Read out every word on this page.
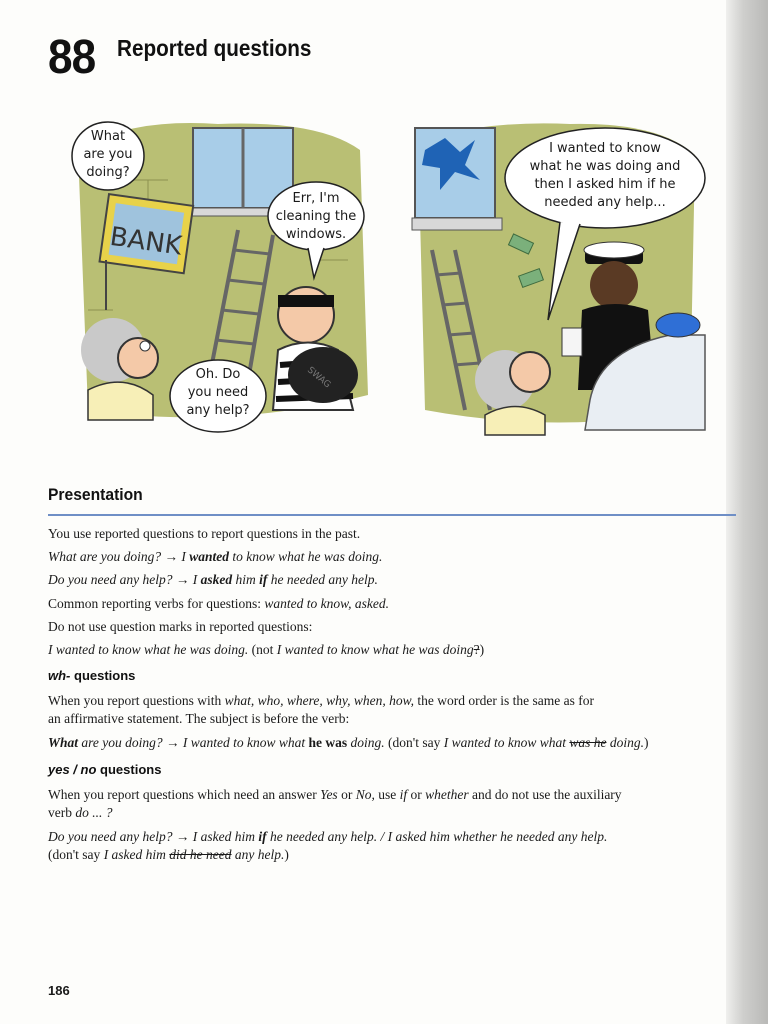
88 Reported questions
BANK
SWAG
What
are you
doing?
Err, I'm
cleaning the
windows.
Oh. Do
you need
any help?
I wanted to know
what he was doing and
then I asked him if he
needed any help...
Presentation
You use reported questions to report questions in the past.
What are you doing? → I wanted to know what he was doing.
Do you need any help? → I asked him if he needed any help.
Common reporting verbs for questions: wanted to know, asked.
Do not use question marks in reported questions:
I wanted to know what he was doing. (not I wanted to know what he was doing?)
wh- questions
When you report questions with what, who, where, why, when, how, the word order is the same as for
an affirmative statement. The subject is before the verb:
What are you doing? → I wanted to know what he was doing. (don't say I wanted to know what was he doing.)
yes / no questions
When you report questions which need an answer Yes or No, use if or whether and do not use the auxiliary
verb do ... ?
Do you need any help? → I asked him if he needed any help. / I asked him whether he needed any help.
(don't say I asked him did he need any help.)
186
